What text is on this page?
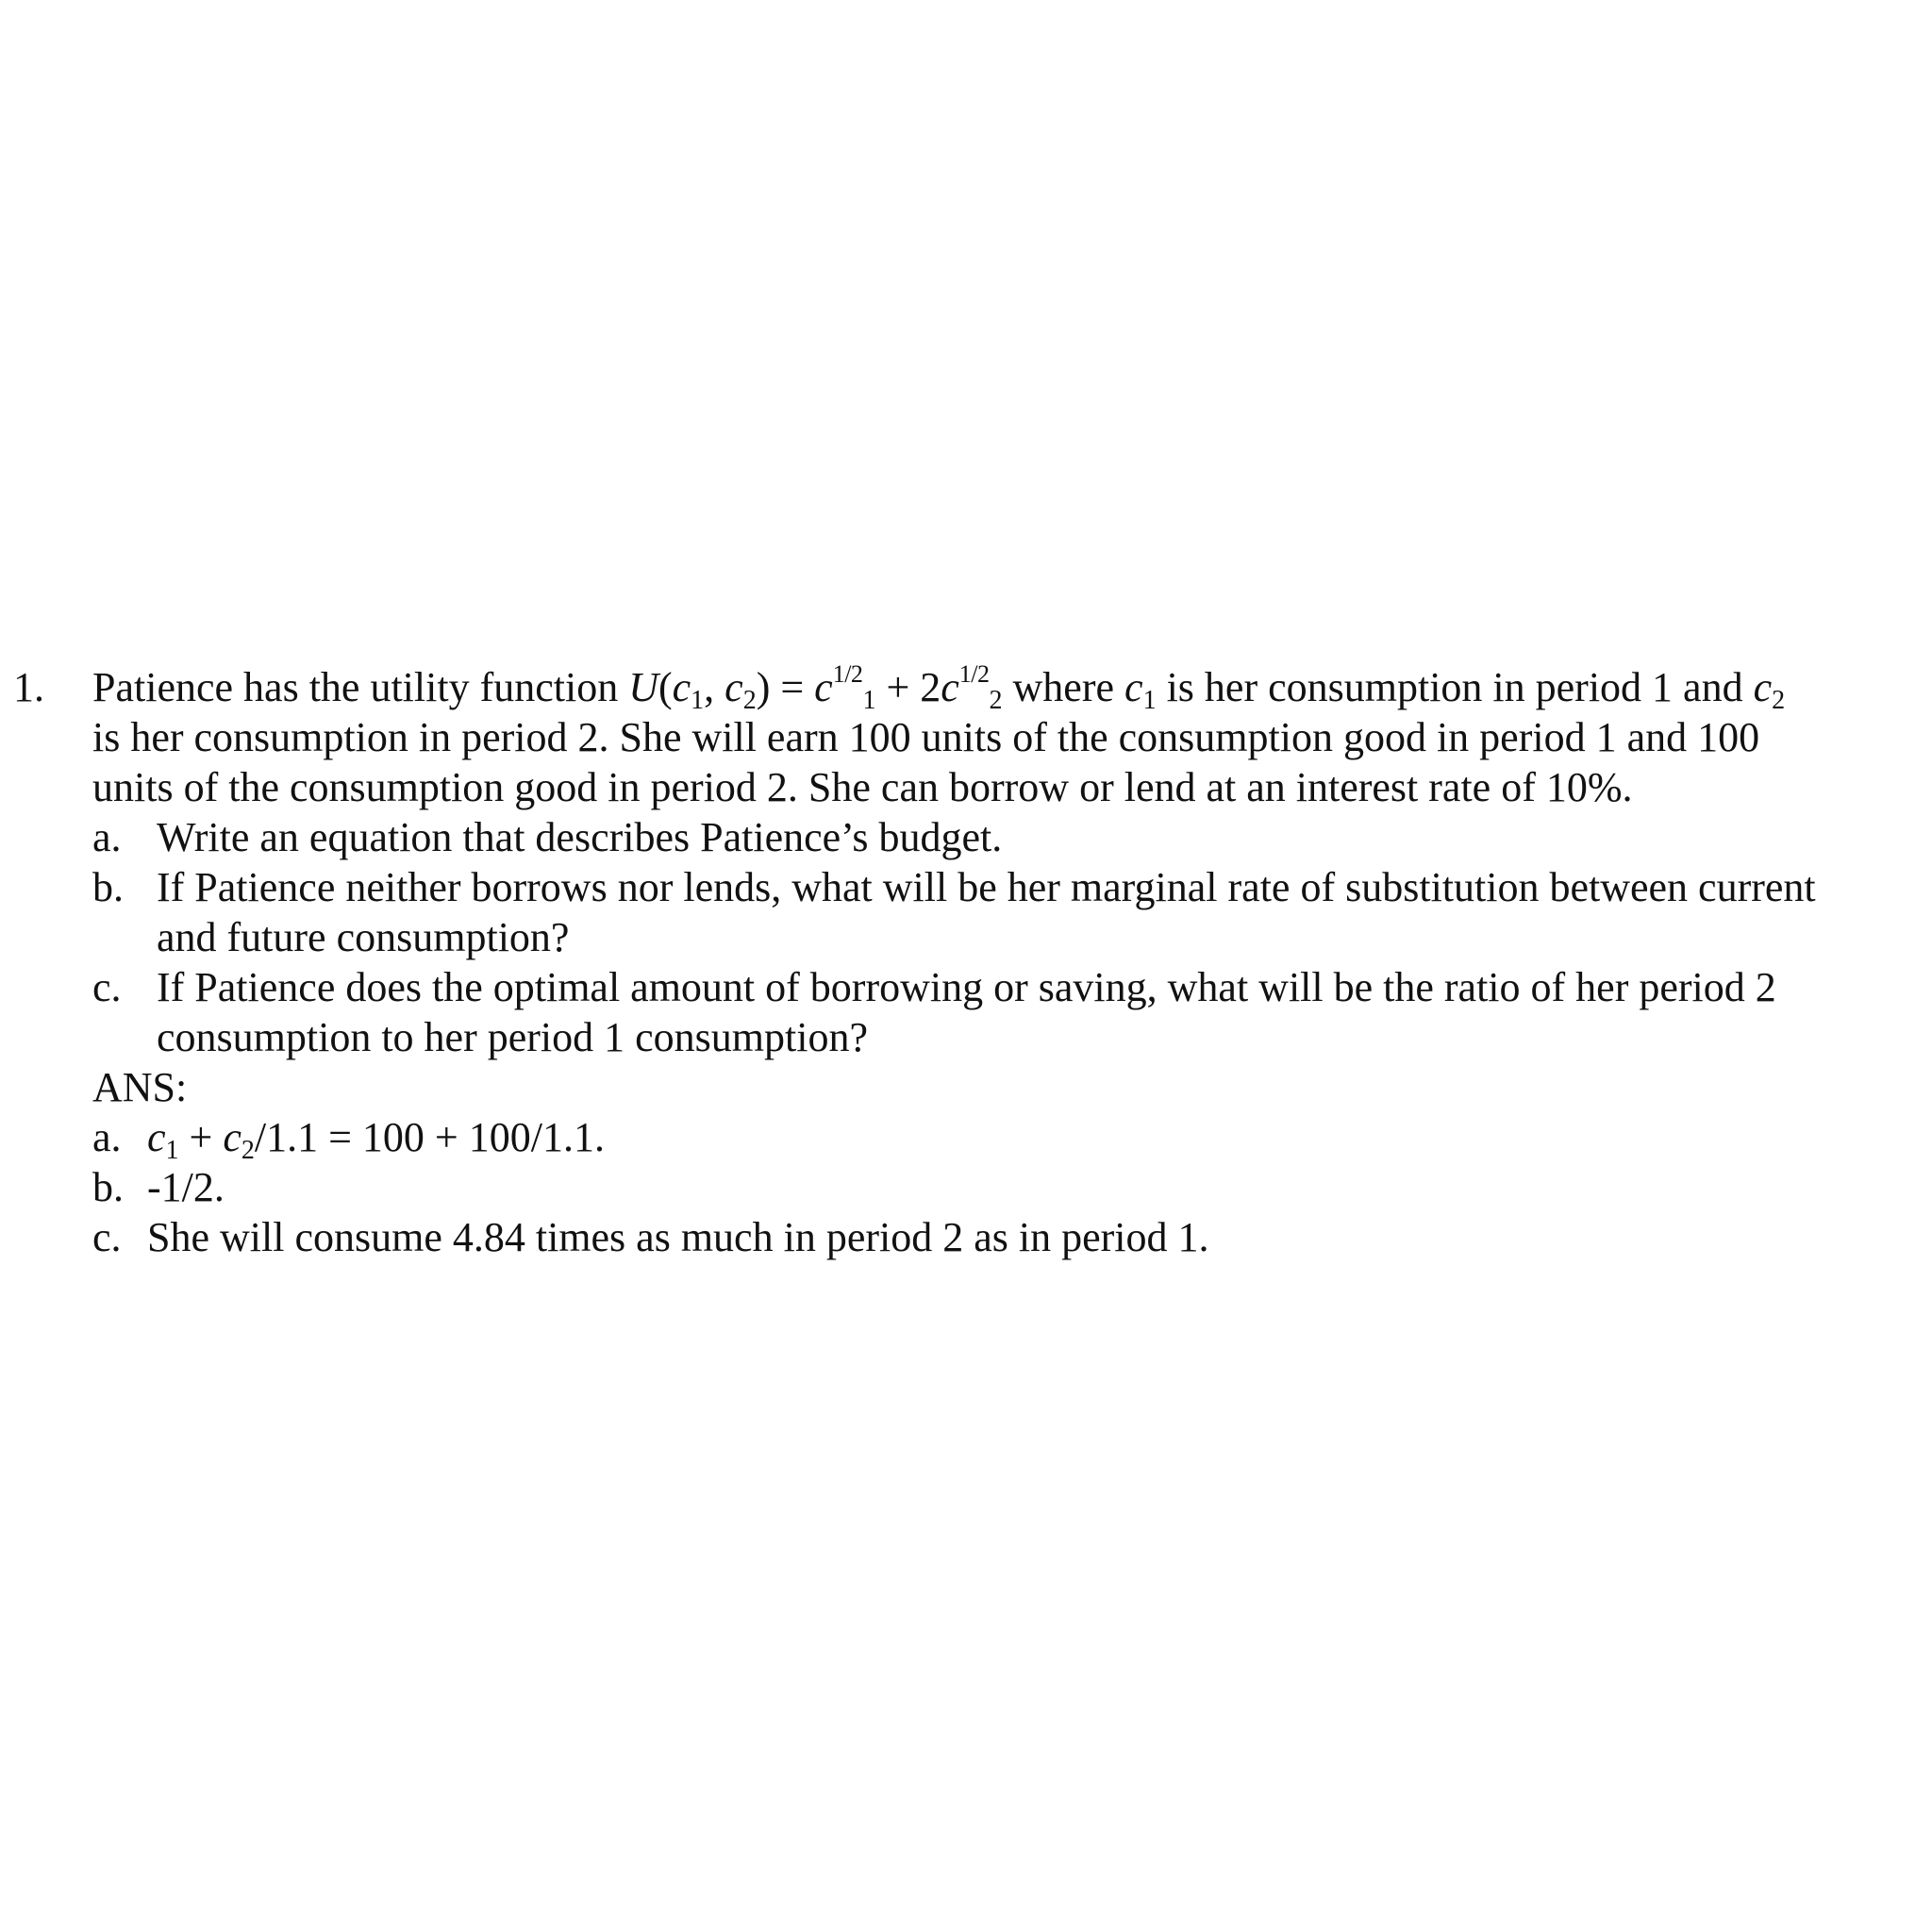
1. Patience has the utility function U(c1, $c2) = c^{1/2}1 + 2c^{1/2}2$ where c1 is her consumption in period 1 and c2
is her consumption in period 2. She will earn 100 units of the consumption good in period 1 and 100
units of the consumption good in period 2. She can borrow or lend at an interest rate of 10%.
a. Write an equation that describes Patience’s budget.
b. If Patience neither borrows nor lends, what will be her marginal rate of substitution between current
and future consumption?
c. If Patience does the optimal amount of borrowing or saving, what will be the ratio of her period 2
consumption to her period 1 consumption?
ANS:
a. c1 + c2/1.1 = 100 + 100/1.1.
b. -1/2.
c. She will consume 4.84 times as much in period 2 as in period 1.
